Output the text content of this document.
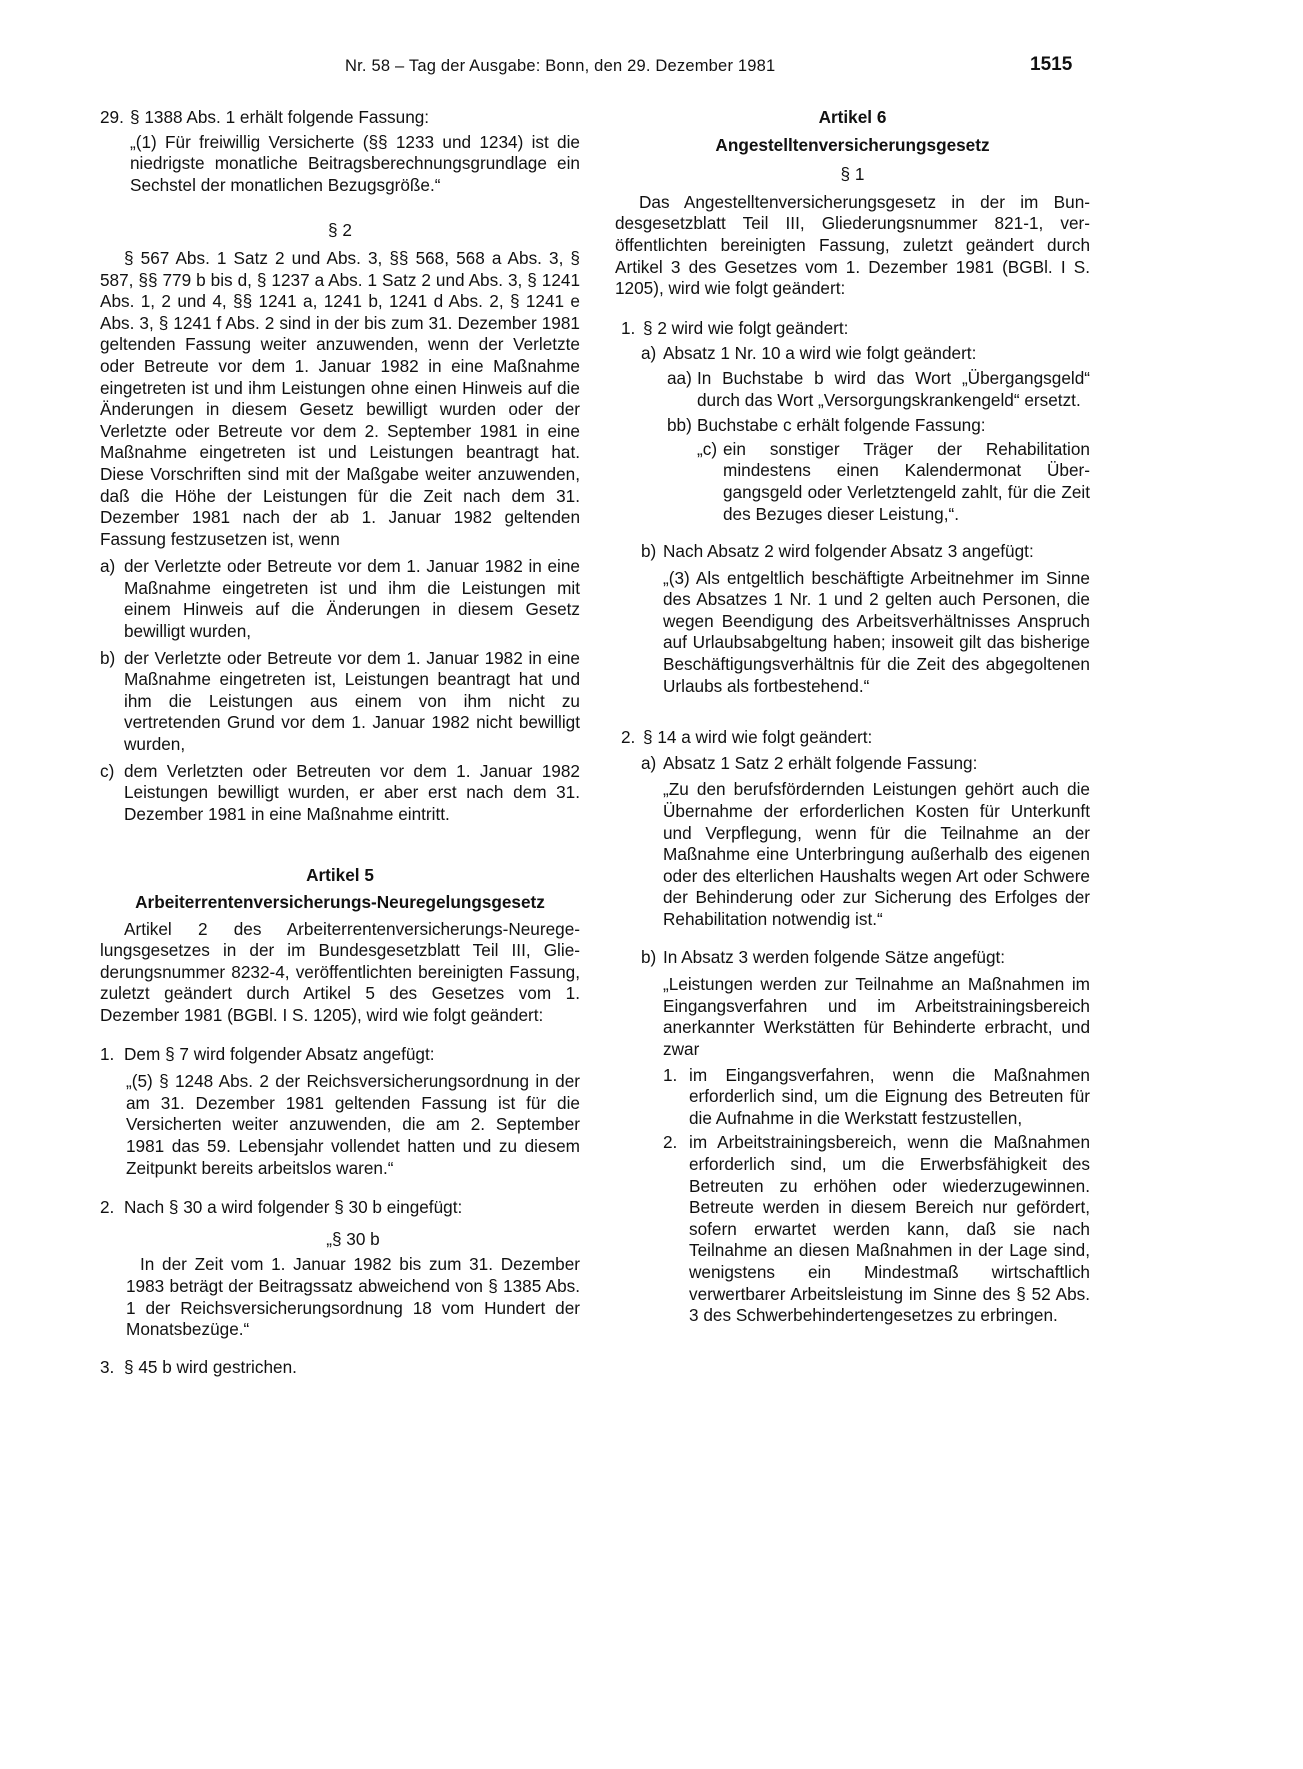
Nr. 58 – Tag der Ausgabe: Bonn, den 29. Dezember 1981	1515
29. § 1388 Abs. 1 erhält folgende Fassung:

„(1) Für freiwillig Versicherte (§§ 1233 und 1234) ist die niedrigste monatliche Beitragsberechnungsgrundlage ein Sechstel der monatlichen Bezugsgröße.“

§ 2

§ 567 Abs. 1 Satz 2 und Abs. 3, §§ 568, 568 a Abs. 3, § 587, §§ 779 b bis d, § 1237 a Abs. 1 Satz 2 und Abs. 3, § 1241 Abs. 1, 2 und 4, §§ 1241 a, 1241 b, 1241 d Abs. 2, § 1241 e Abs. 3, § 1241 f Abs. 2 sind in der bis zum 31. Dezember 1981 geltenden Fassung weiter anzuwenden, wenn der Verletzte oder Betreute vor dem 1. Januar 1982 in eine Maßnahme eingetreten ist und ihm Leistungen ohne einen Hinweis auf die Änderungen in diesem Gesetz bewilligt wurden oder der Verletzte oder Betreute vor dem 2. September 1981 in eine Maßnahme eingetreten ist und Leistungen beantragt hat. Diese Vorschriften sind mit der Maßgabe weiter anzuwenden, daß die Höhe der Leistungen für die Zeit nach dem 31. Dezember 1981 nach der ab 1. Januar 1982 geltenden Fassung festzusetzen ist, wenn

a) der Verletzte oder Betreute vor dem 1. Januar 1982 in eine Maßnahme eingetreten ist und ihm die Leistungen mit einem Hinweis auf die Änderungen in diesem Gesetz bewilligt wurden,
b) der Verletzte oder Betreute vor dem 1. Januar 1982 in eine Maßnahme eingetreten ist, Leistungen beantragt hat und ihm die Leistungen aus einem von ihm nicht zu vertretenden Grund vor dem 1. Januar 1982 nicht bewilligt wurden,
c) dem Verletzten oder Betreuten vor dem 1. Januar 1982 Leistungen bewilligt wurden, er aber erst nach dem 31. Dezember 1981 in eine Maßnahme eintritt.

Artikel 5

Arbeiterrentenversicherungs-Neuregelungsgesetz

Artikel 2 des Arbeiterrentenversicherungs-Neuregelungsgesetzes in der im Bundesgesetzblatt Teil III, Gliederungsnummer 8232-4, veröffentlichten bereinigten Fassung, zuletzt geändert durch Artikel 5 des Gesetzes vom 1. Dezember 1981 (BGBl. I S. 1205), wird wie folgt geändert:

1. Dem § 7 wird folgender Absatz angefügt:

„(5) § 1248 Abs. 2 der Reichsversicherungsordnung in der am 31. Dezember 1981 geltenden Fassung ist für die Versicherten weiter anzuwenden, die am 2. September 1981 das 59. Lebensjahr vollendet hatten und zu diesem Zeitpunkt bereits arbeitslos waren.“

2. Nach § 30 a wird folgender § 30 b eingefügt:

„§ 30 b

In der Zeit vom 1. Januar 1982 bis zum 31. Dezember 1983 beträgt der Beitragssatz abweichend von § 1385 Abs. 1 der Reichsversicherungsordnung 18 vom Hundert der Monatsbezüge.“

3. § 45 b wird gestrichen.

Artikel 6

Angestelltenversicherungsgesetz

§ 1

Das Angestelltenversicherungsgesetz in der im Bundesgesetzblatt Teil III, Gliederungsnummer 821-1, veröffentlichten bereinigten Fassung, zuletzt geändert durch Artikel 3 des Gesetzes vom 1. Dezember 1981 (BGBl. I S. 1205), wird wie folgt geändert:

1. § 2 wird wie folgt geändert:
a) Absatz 1 Nr. 10 a wird wie folgt geändert:
aa) In Buchstabe b wird das Wort „Übergangsgeld“ durch das Wort „Versorgungskrankengeld“ ersetzt.
bb) Buchstabe c erhält folgende Fassung:
„c) ein sonstiger Träger der Rehabilitation mindestens einen Kalendermonat Übergangsgeld oder Verletztengeld zahlt, für die Zeit des Bezuges dieser Leistung,“.
b) Nach Absatz 2 wird folgender Absatz 3 angefügt:

„(3) Als entgeltlich beschäftigte Arbeitnehmer im Sinne des Absatzes 1 Nr. 1 und 2 gelten auch Personen, die wegen Beendigung des Arbeitsverhältnisses Anspruch auf Urlaubsabgeltung haben; insoweit gilt das bisherige Beschäftigungsverhältnis für die Zeit des abgegoltenen Urlaubs als fortbestehend.“

2. § 14 a wird wie folgt geändert:
a) Absatz 1 Satz 2 erhält folgende Fassung:

„Zu den berufsfördernden Leistungen gehört auch die Übernahme der erforderlichen Kosten für Unterkunft und Verpflegung, wenn für die Teilnahme an der Maßnahme eine Unterbringung außerhalb des eigenen oder des elterlichen Haushalts wegen Art oder Schwere der Behinderung oder zur Sicherung des Erfolges der Rehabilitation notwendig ist.“

b) In Absatz 3 werden folgende Sätze angefügt:

„Leistungen werden zur Teilnahme an Maßnahmen im Eingangsverfahren und im Arbeitstrainingsbereich anerkannter Werkstätten für Behinderte erbracht, und zwar

1. im Eingangsverfahren, wenn die Maßnahmen erforderlich sind, um die Eignung des Betreuten für die Aufnahme in die Werkstatt festzustellen,
2. im Arbeitstrainingsbereich, wenn die Maßnahmen erforderlich sind, um die Erwerbsfähigkeit des Betreuten zu erhöhen oder wiederzugewinnen. Betreute werden in diesem Bereich nur gefördert, sofern erwartet werden kann, daß sie nach Teilnahme an diesen Maßnahmen in der Lage sind, wenigstens ein Mindestmaß wirtschaftlich verwertbarer Arbeitsleistung im Sinne des § 52 Abs. 3 des Schwerbehindertengesetzes zu erbringen.
